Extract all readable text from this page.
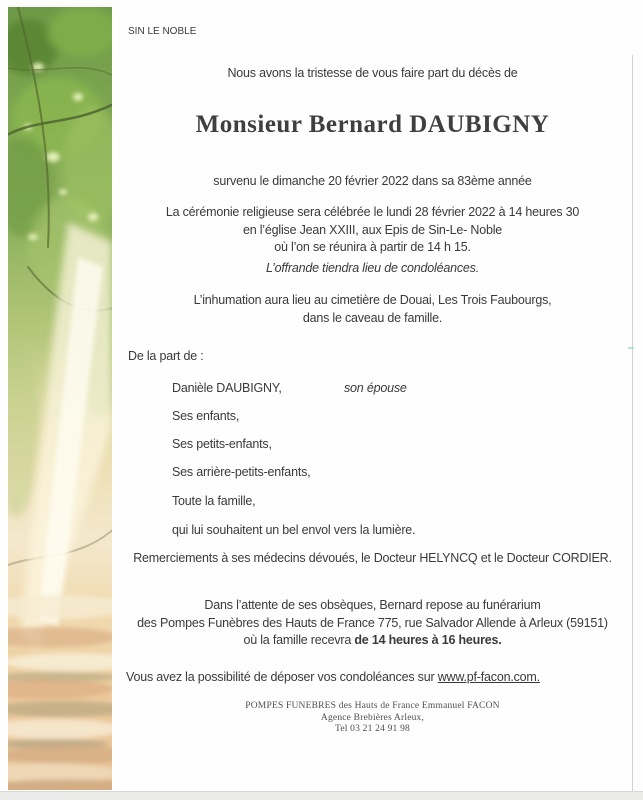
SIN LE NOBLE
Nous avons la tristesse de vous faire part du décès de
Monsieur Bernard DAUBIGNY
survenu le dimanche 20 février 2022 dans sa 83ème année
La cérémonie religieuse sera célébrée le lundi 28 février 2022 à 14 heures 30
en l’église Jean XXIII, aux Epis de Sin-Le- Noble
où l’on se réunira à partir de 14 h 15.
L’offrande tiendra lieu de condoléances.
L’inhumation aura lieu au cimetière de Douai, Les Trois Faubourgs,
dans le caveau de famille.
De la part de :
Danièle DAUBIGNY,	son épouse
Ses enfants,
Ses petits-enfants,
Ses arrière-petits-enfants,
Toute la famille,
qui lui souhaitent un bel envol vers la lumière.
Remerciements à ses médecins dévoués, le Docteur HELYNCQ et le Docteur CORDIER.
Dans l’attente de ses obsèques, Bernard repose au funérarium
des Pompes Funèbres des Hauts de France 775, rue Salvador Allende à Arleux (59151)
où la famille recevra de 14 heures à 16 heures.
Vous avez la possibilité de déposer vos condoléances sur www.pf-facon.com.
POMPES FUNEBRES des Hauts de France Emmanuel FACON
Agence Brebières Arleux,
Tel 03 21 24 91 98
